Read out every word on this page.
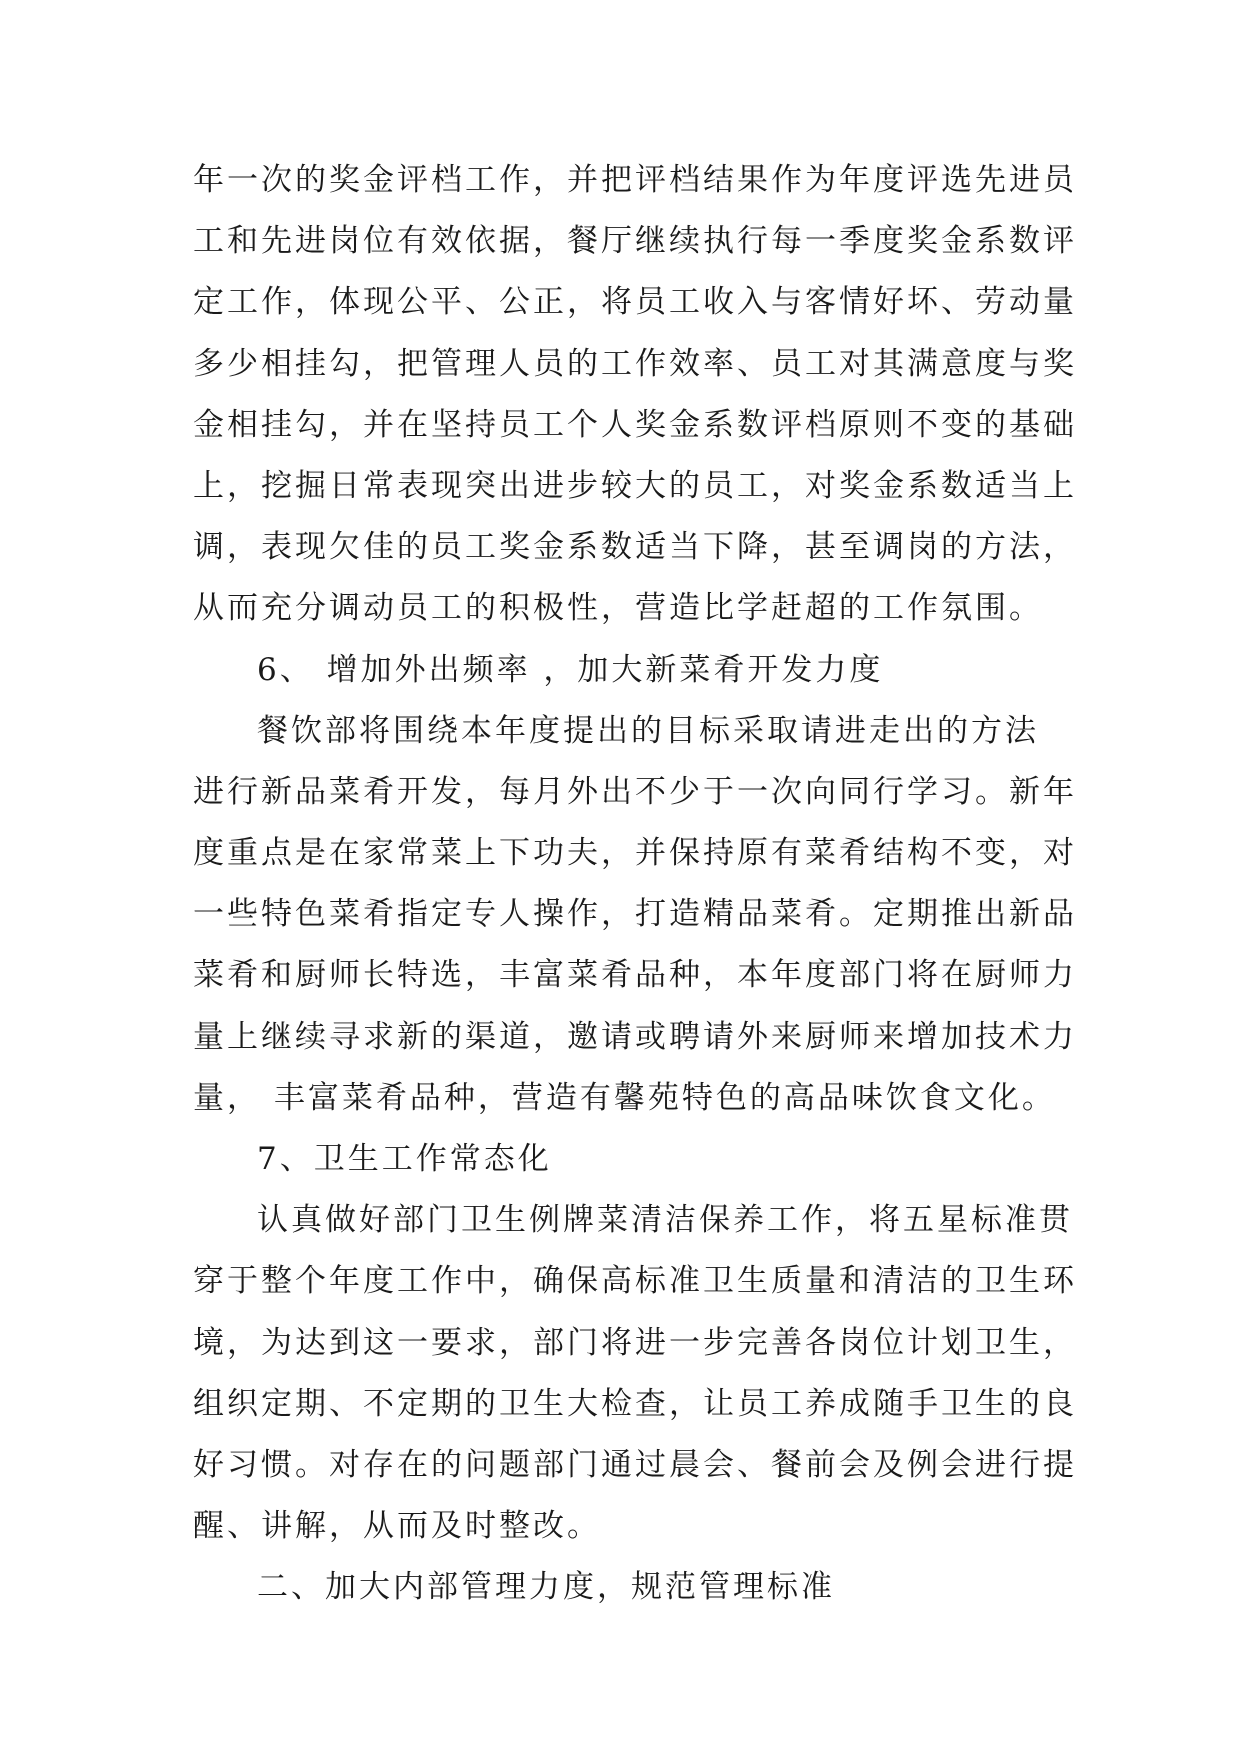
年一次的奖金评档工作，并把评档结果作为年度评选先进员
工和先进岗位有效依据，餐厅继续执行每一季度奖金系数评
定工作，体现公平、公正，将员工收入与客情好坏、劳动量
多少相挂勾，把管理人员的工作效率、员工对其满意度与奖
金相挂勾，并在坚持员工个人奖金系数评档原则不变的基础
上，挖掘日常表现突出进步较大的员工，对奖金系数适当上
调，表现欠佳的员工奖金系数适当下降，甚至调岗的方法，
从而充分调动员工的积极性，营造比学赶超的工作氛围。
6、 增加外出频率 ，加大新菜肴开发力度
餐饮部将围绕本年度提出的目标采取请进走出的方法
进行新品菜肴开发，每月外出不少于一次向同行学习。新年
度重点是在家常菜上下功夫，并保持原有菜肴结构不变，对
一些特色菜肴指定专人操作，打造精品菜肴。定期推出新品
菜肴和厨师长特选，丰富菜肴品种，本年度部门将在厨师力
量上继续寻求新的渠道，邀请或聘请外来厨师来增加技术力
量， 丰富菜肴品种，营造有馨苑特色的高品味饮食文化。
7、卫生工作常态化
认真做好部门卫生例牌菜清洁保养工作，将五星标准贯
穿于整个年度工作中，确保高标准卫生质量和清洁的卫生环
境，为达到这一要求，部门将进一步完善各岗位计划卫生，
组织定期、不定期的卫生大检查，让员工养成随手卫生的良
好习惯。对存在的问题部门通过晨会、餐前会及例会进行提
醒、讲解，从而及时整改。
二、加大内部管理力度，规范管理标准
